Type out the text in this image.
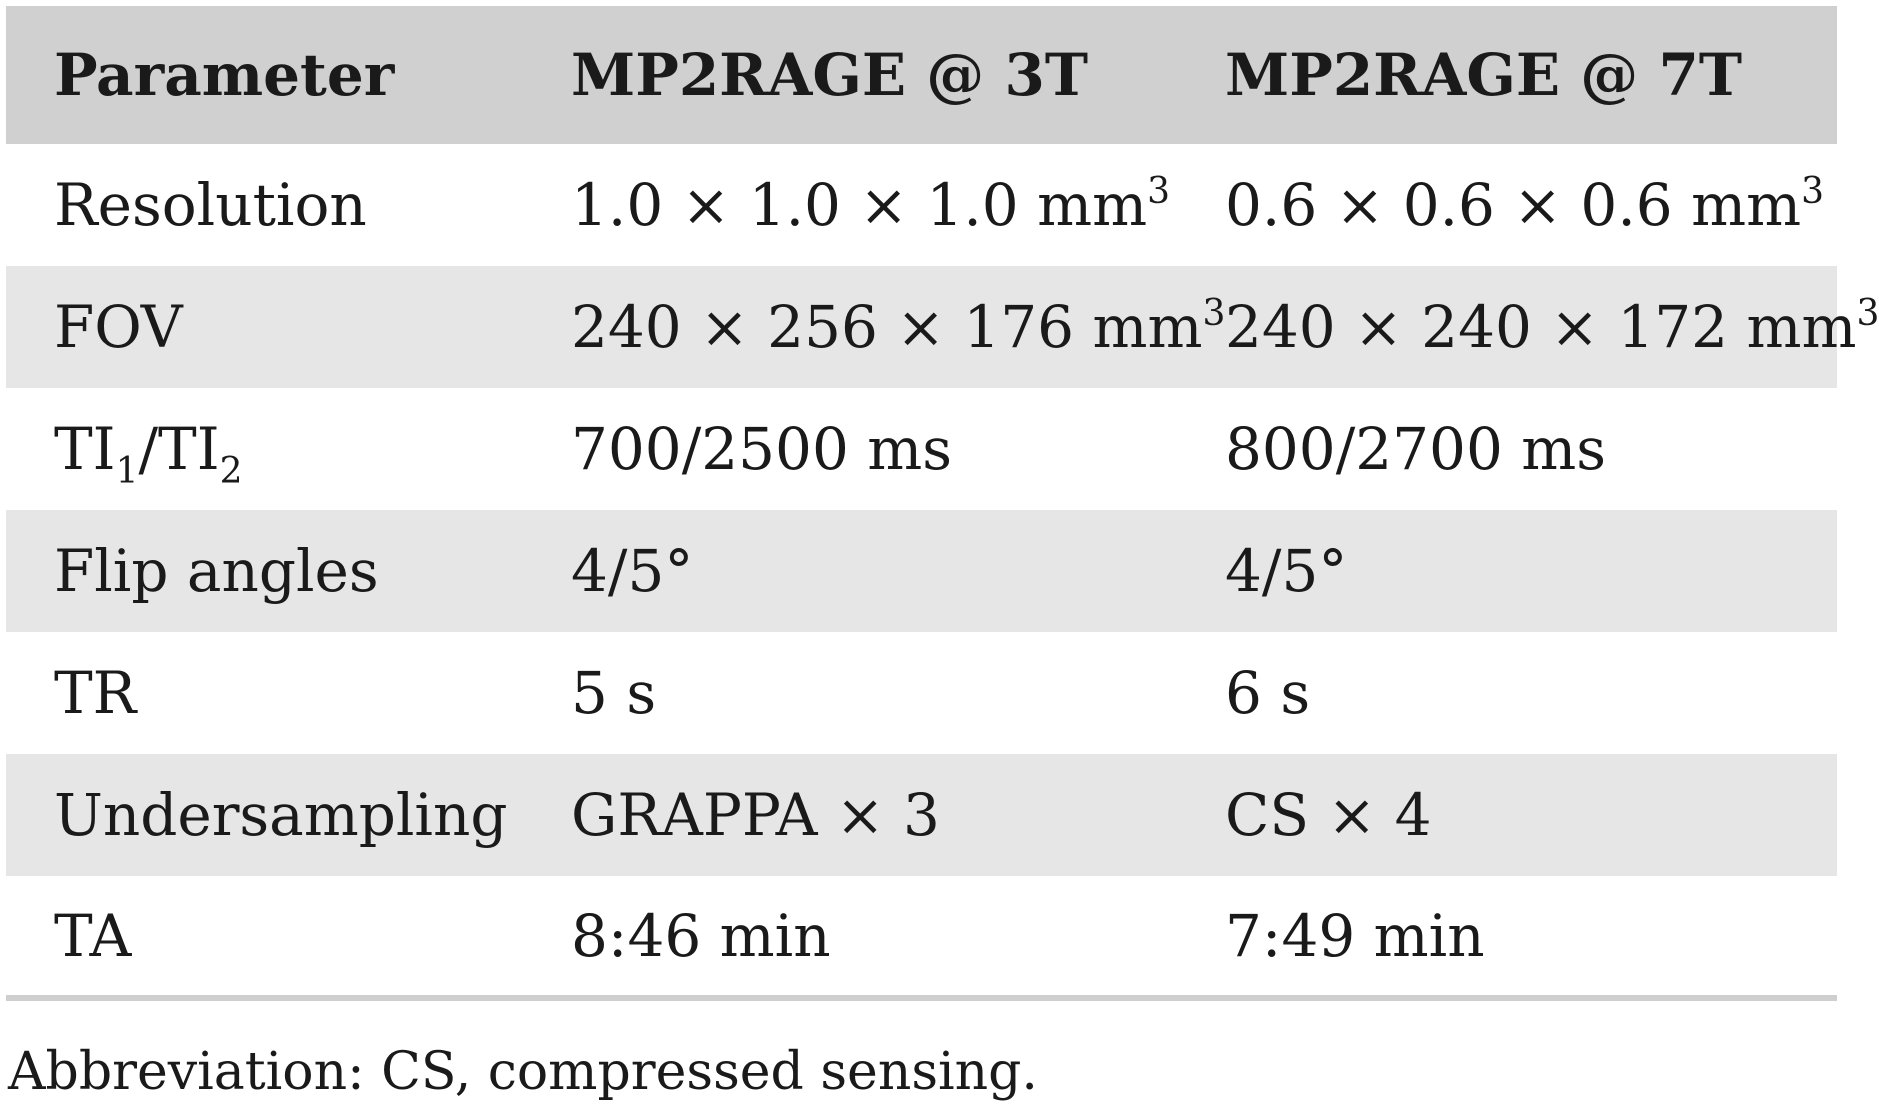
Parameter	MP2RAGE @ 3T	MP2RAGE @ 7T
Resolution	1.0 × 1.0 × 1.0 $mm^3$	0.6 × 0.6 × 0.6 $mm^3$
FOV	240 × 256 × 176 $mm^3$	240 × 240 × 172 $mm^3$
$TI_1/TI_2$	700/2500 ms	800/2700 ms
Flip angles	4/5°	4/5°
TR	5 s	6 s
Undersampling	GRAPPA × 3	CS × 4
TA	8:46 min	7:49 min
Abbreviation: CS, compressed sensing.
